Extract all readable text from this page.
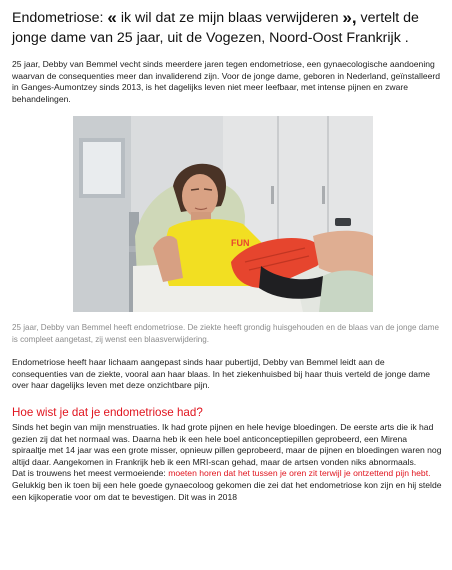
Endometriose: « ik wil dat ze mijn blaas verwijderen », vertelt de jonge dame van 25 jaar, uit de Vogezen, Noord-Oost Frankrijk .

25 jaar, Debby van Bemmel vecht sinds meerdere jaren tegen endometriose, een gynaecologische aandoening waarvan de consequenties meer dan invaliderend zijn. Voor de jonge dame, geboren in Nederland, geïnstalleerd in Ganges-Aumontzey sinds 2013, is het dagelijks leven niet meer leefbaar, met intense pijnen en zware behandelingen.

FUN

25 jaar, Debby van Bemmel heeft endometriose. De ziekte heeft grondig huisgehouden en de blaas van de jonge dame is compleet aangetast, zij wenst een blaasverwijdering.

Endometriose heeft haar lichaam aangepast sinds haar pubertijd, Debby van Bemmel leidt aan de consequenties van de ziekte, vooral aan haar blaas. In het ziekenhuisbed bij haar thuis verteld de jonge dame over haar dagelijks leven met deze onzichtbare pijn.

Hoe wist je dat je endometriose had?

Sinds het begin van mijn menstruaties. Ik had grote pijnen en hele hevige bloedingen. De eerste arts die ik had gezien zij dat het normaal was. Daarna heb ik een hele boel anticonceptiepillen geprobeerd, een Mirena spiraaltje met 14 jaar was een grote misser, opnieuw pillen geprobeerd, maar de pijnen en bloedingen waren nog altijd daar. Aangekomen in Frankrijk heb ik een MRI-scan gehad, maar de artsen vonden niks abnormaals.

Dat is trouwens het meest vermoeiende: moeten horen dat het tussen je oren zit terwijl je ontzettend pijn hebt.

Gelukkig ben ik toen bij een hele goede gynaecoloog gekomen die zei dat het endometriose kon zijn en hij stelde een kijkoperatie voor om dat te bevestigen. Dit was in 2018
